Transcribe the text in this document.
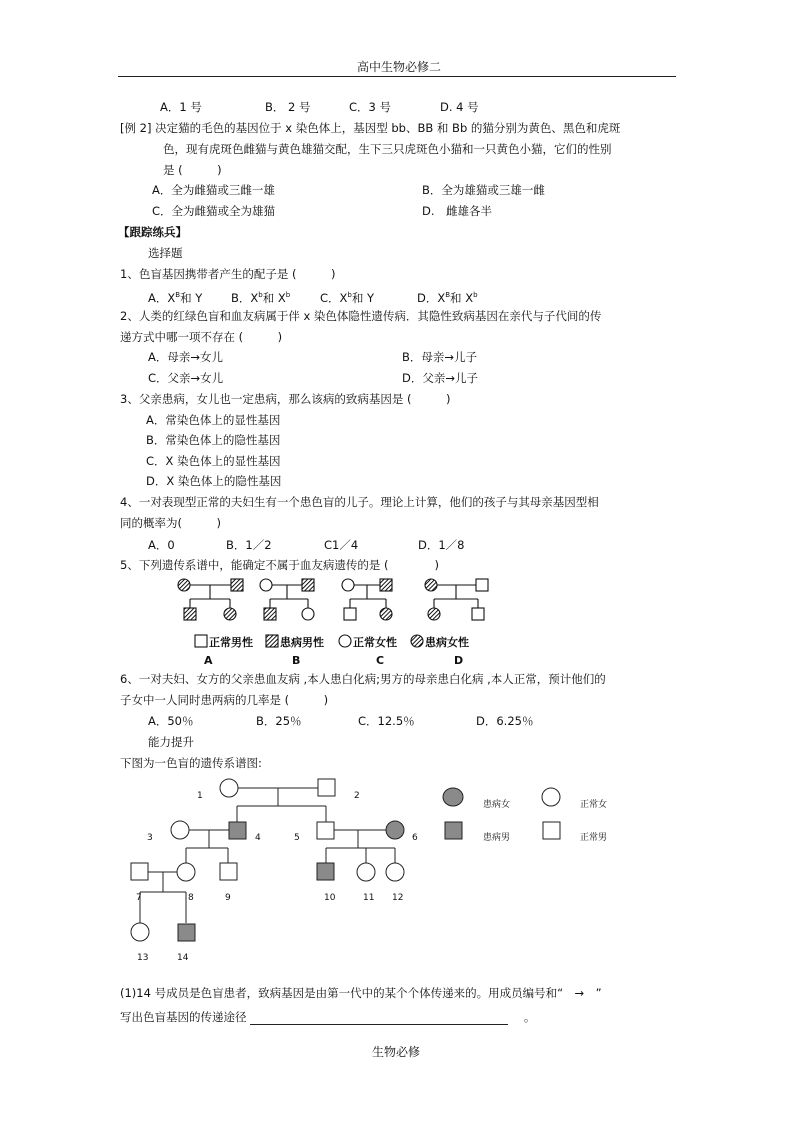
高中生物必修二
A．1 号	B． 2 号	C．3 号	D. 4 号
[例 2] 决定猫的毛色的基因位于 x 染色体上，基因型 bb、BB 和 Bb 的猫分别为黄色、黑色和虎斑
色，现有虎斑色雌猫与黄色雄猫交配，生下三只虎斑色小猫和一只黄色小猫，它们的性别
是 (　　　)
A．全为雌猫或三雌一雄	B．全为雄猫或三雄一雌
C．全为雌猫或全为雄猫	D.　雌雄各半
【跟踪练兵】
选择题
1、色盲基因携带者产生的配子是 (　　　)
A．$X^B$和 Y	B．$X^b$和 $X^b$	C．$X^b$和 Y	D．$X^B$和 $X^b$
2、人类的红绿色盲和血友病属于伴 x 染色体隐性遗传病．其隐性致病基因在亲代与子代间的传
递方式中哪一项不存在 (　　　)
A．母亲→女儿	B．母亲→儿子
C．父亲→女儿	D．父亲→儿子
3、父亲患病，女儿也一定患病，那么该病的致病基因是 (　　　)
A．常染色体上的显性基因
B．常染色体上的隐性基因
C．X 染色体上的显性基因
D．X 染色体上的隐性基因
4、一对表现型正常的夫妇生有一个患色盲的儿子。理论上计算，他们的孩子与其母亲基因型相
同的概率为(　　　)
A．0	B．1／2	C1／4	D．1／8
5、下列遗传系谱中，能确定不属于血友病遗传的是 (　　　　)
正常男性 患病男性	正常女性	患病女性
A	B	C	D
6、一对夫妇、女方的父亲患血友病 ,本人患白化病;男方的母亲患白化病 ,本人正常，预计他们的
子女中一人同时患两病的几率是 (　　　)
A．50％	B．25％	C．12.5％	D．6.25％
能力提升
下图为一色盲的遗传系谱图:
1	2
3	4	5	6
7	8	9	10	11 12
13	14
患病女	正常女
患病男	正常男
(1)14 号成员是色盲患者，致病基因是由第一代中的某个个体传递来的。用成员编号和“　→　”
写出色盲基因的传递途径	。
生物必修
